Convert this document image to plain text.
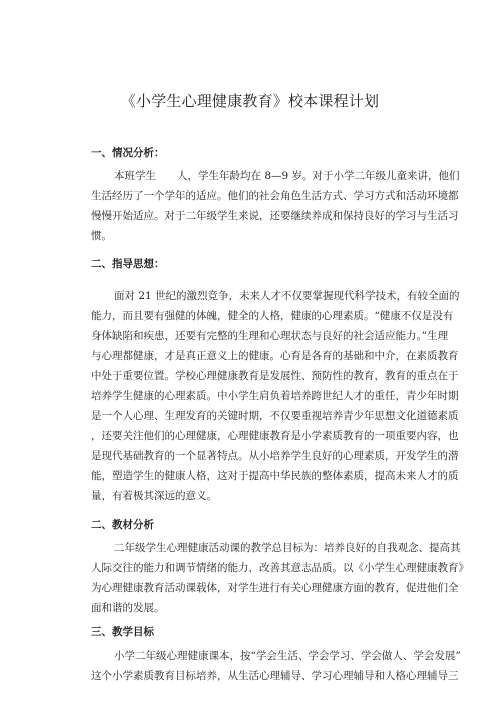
《小学生心理健康教育》校本课程计划
一、情况分析：
本班学生　　人，学生年龄均在 8—9 岁。对于小学二年级儿童来讲，他们
生活经历了一个学年的适应。他们的社会角色生活方式、学习方式和活动环境都
慢慢开始适应。对于二年级学生来说，还要继续养成和保持良好的学习与生活习
惯。
二、指导思想：
面对 21 世纪的激烈竞争，未来人才不仅要掌握现代科学技术，有较全面的
能力，而且要有强健的体魄，健全的人格，健康的心理素质。“健康不仅是没有
身体缺陷和疾患，还要有完整的生理和心理状态与良好的社会适应能力。”生理
与心理都健康，才是真正意义上的健康。心育是各育的基础和中介，在素质教育
中处于重要位置。学校心理健康教育是发展性、预防性的教育，教育的重点在于
培养学生健康的心理素质。中小学生肩负着培养跨世纪人才的重任，青少年时期
是一个人心理、生理发育的关键时期，不仅要重视培养青少年思想文化道德素质
，还要关注他们的心理健康，心理健康教育是小学素质教育的一项重要内容，也
是现代基础教育的一个显著特点。从小培养学生良好的心理素质，开发学生的潜
能，塑造学生的健康人格，这对于提高中华民族的整体素质，提高未来人才的质
量，有着极其深远的意义。
二、教材分析
二年级学生心理健康活动课的教学总目标为：培养良好的自我观念、提高其
人际交往的能力和调节情绪的能力，改善其意志品质。以《小学生心理健康教育》
为心理健康教育活动课载体，对学生进行有关心理健康方面的教育，促进他们全
面和谐的发展。
三、教学目标
小学二年级心理健康课本，按“学会生活、学会学习、学会做人、学会发展”
这个小学素质教育目标培养，从生活心理辅导、学习心理辅导和人格心理辅导三
